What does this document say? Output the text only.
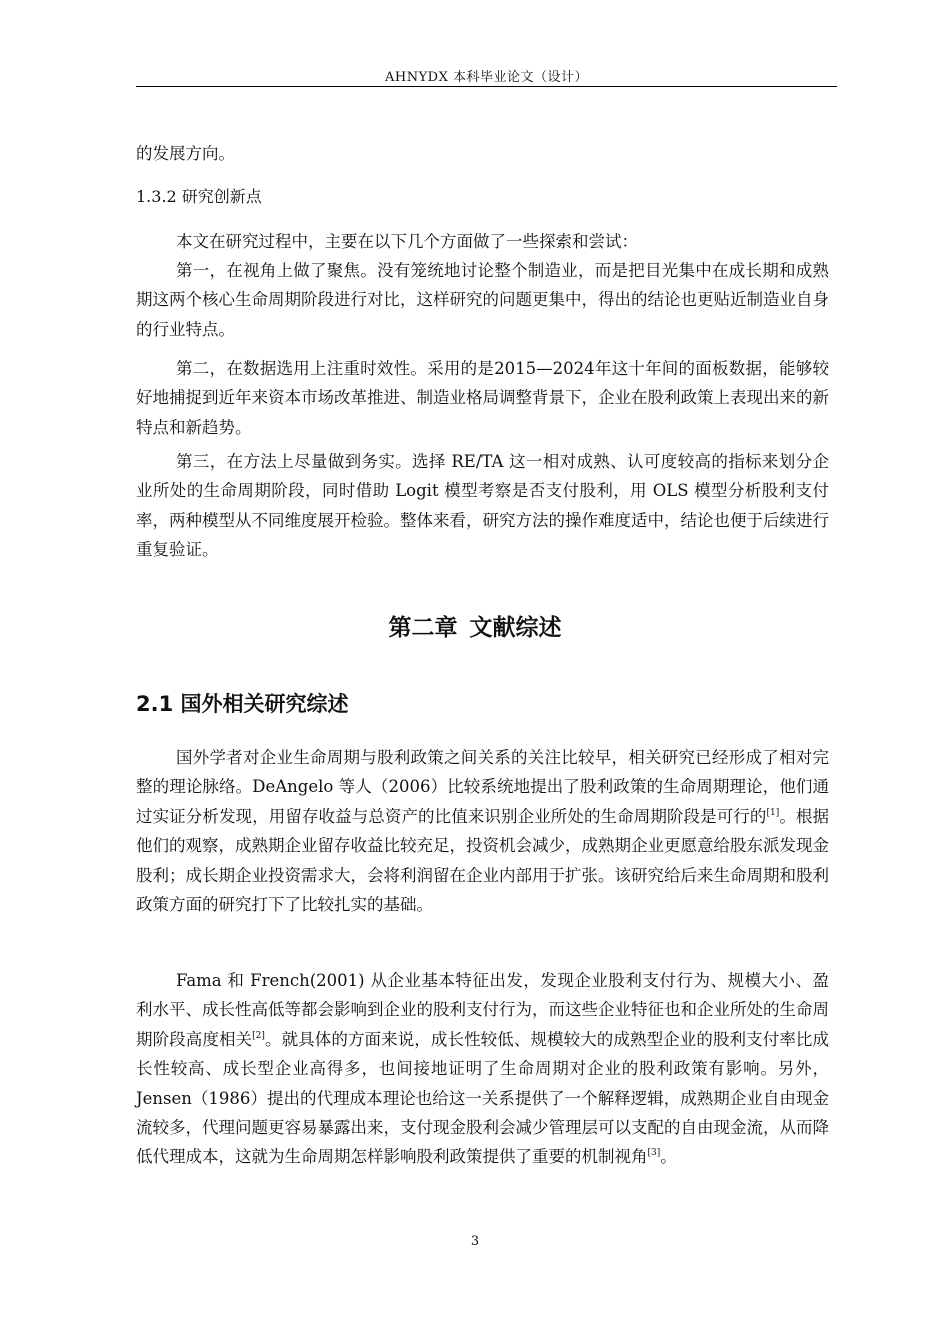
AHNYDX 本科毕业论文（设计）

的发展方向。

1.3.2 研究创新点

本文在研究过程中，主要在以下几个方面做了一些探索和尝试：

第一，在视角上做了聚焦。没有笼统地讨论整个制造业，而是把目光集中在成长期和成熟期这两个核心生命周期阶段进行对比，这样研究的问题更集中，得出的结论也更贴近制造业自身的行业特点。

第二，在数据选用上注重时效性。采用的是2015—2024年这十年间的面板数据，能够较好地捕捉到近年来资本市场改革推进、制造业格局调整背景下，企业在股利政策上表现出来的新特点和新趋势。

第三，在方法上尽量做到务实。选择 RE/TA 这一相对成熟、认可度较高的指标来划分企业所处的生命周期阶段，同时借助 Logit 模型考察是否支付股利，用 OLS 模型分析股利支付率，两种模型从不同维度展开检验。整体来看，研究方法的操作难度适中，结论也便于后续进行重复验证。

第二章 文献综述
2.1 国外相关研究综述

国外学者对企业生命周期与股利政策之间关系的关注比较早，相关研究已经形成了相对完整的理论脉络。DeAngelo 等人（2006）比较系统地提出了股利政策的生命周期理论，他们通过实证分析发现，用留存收益与总资产的比值来识别企业所处的生命周期阶段是可行的[1]。根据他们的观察，成熟期企业留存收益比较充足，投资机会减少，成熟期企业更愿意给股东派发现金股利；成长期企业投资需求大，会将利润留在企业内部用于扩张。该研究给后来生命周期和股利政策方面的研究打下了比较扎实的基础。

Fama 和 French(2001) 从企业基本特征出发，发现企业股利支付行为、规模大小、盈利水平、成长性高低等都会影响到企业的股利支付行为，而这些企业特征也和企业所处的生命周期阶段高度相关[2]。就具体的方面来说，成长性较低、规模较大的成熟型企业的股利支付率比成长性较高、成长型企业高得多，也间接地证明了生命周期对企业的股利政策有影响。另外，Jensen（1986）提出的代理成本理论也给这一关系提供了一个解释逻辑，成熟期企业自由现金流较多，代理问题更容易暴露出来，支付现金股利会减少管理层可以支配的自由现金流，从而降低代理成本，这就为生命周期怎样影响股利政策提供了重要的机制视角[3]。

3
